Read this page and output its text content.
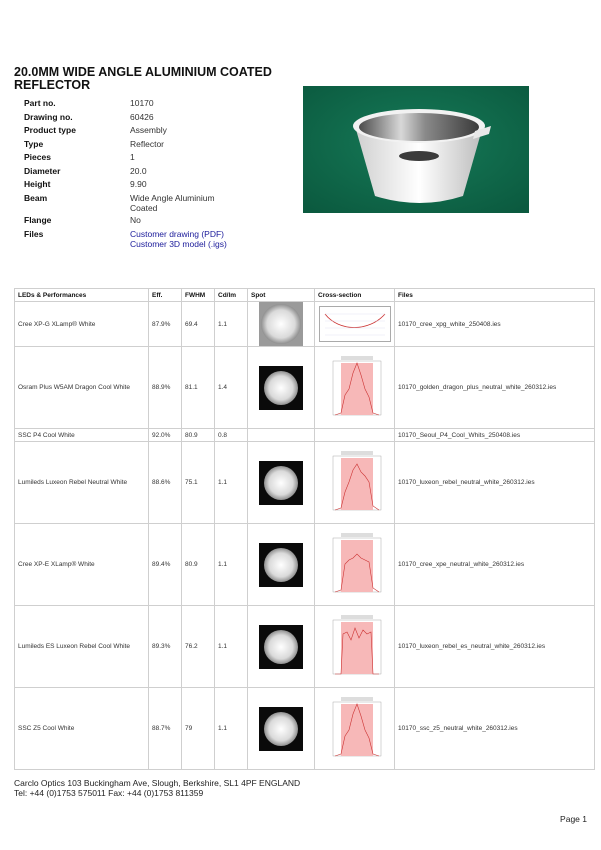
20.0MM WIDE ANGLE ALUMINIUM COATED REFLECTOR
Part no.	10170
Drawing no.	60426
Product type	Assembly
Type	Reflector
Pieces	1
Diameter	20.0
Height	9.90
Beam	Wide Angle Aluminium Coated
Flange	No
Files	Customer drawing (PDF)
Customer 3D model (.igs)
LEDs & Performances	Eff.	FWHM	Cd/lm	Spot	Cross-section	Files
Cree XP-G XLamp® White	87.9%	69.4	1.1			10170_cree_xpg_white_250408.ies
Osram Plus W5AM Dragon Cool White	88.9%	81.1	1.4			10170_golden_dragon_plus_neutral_white_260312.ies
SSC P4 Cool White	92.0%	80.9	0.8			10170_Seoul_P4_Cool_Whits_250408.ies
Lumileds Luxeon Rebel Neutral White	88.6%	75.1	1.1			10170_luxeon_rebel_neutral_white_260312.ies
Cree XP-E XLamp® White	89.4%	80.9	1.1			10170_cree_xpe_neutral_white_260312.ies
Lumileds ES Luxeon Rebel Cool White	89.3%	76.2	1.1			10170_luxeon_rebel_es_neutral_white_260312.ies
SSC Z5 Cool White	88.7%	79	1.1			10170_ssc_z5_neutral_white_260312.ies
Carclo Optics 103 Buckingham Ave, Slough, Berkshire, SL1 4PF ENGLAND
Tel: +44 (0)1753 575011 Fax: +44 (0)1753 811359
Page 1
